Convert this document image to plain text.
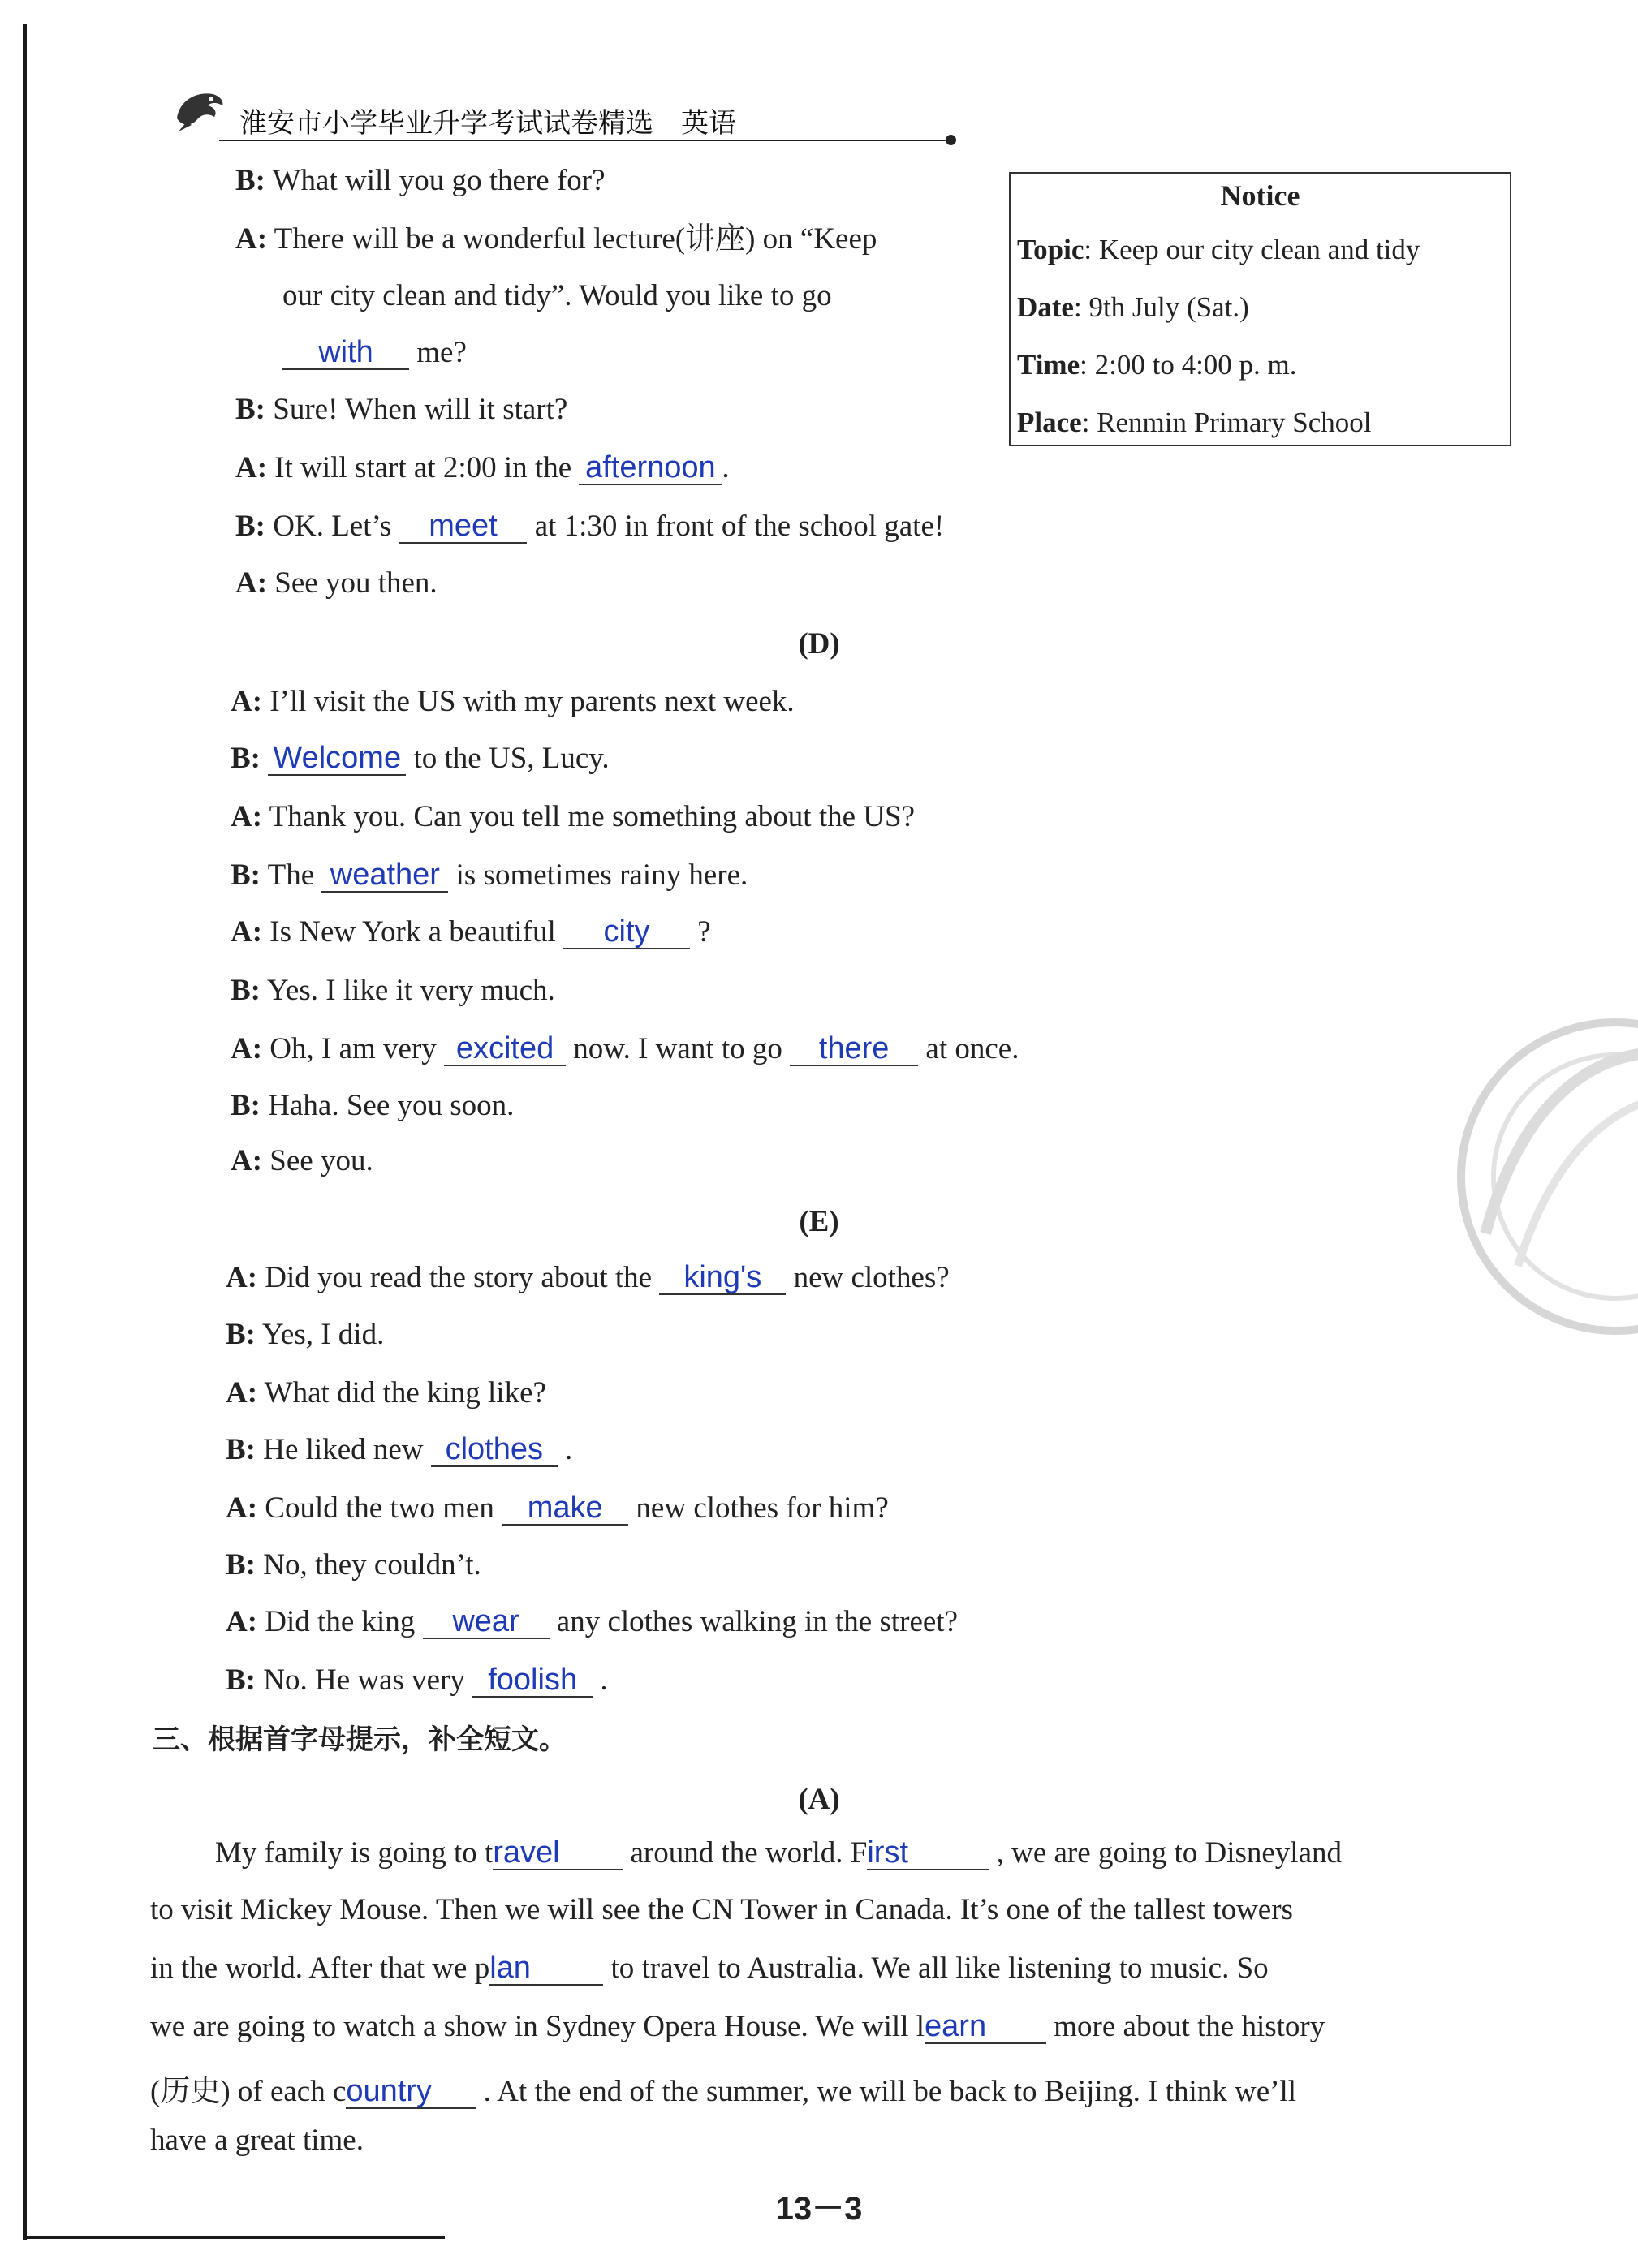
淮安市小学毕业升学考试试卷精选　英语
Notice
Topic: Keep our city clean and tidy
Date: 9th July (Sat.)
Time: 2:00 to 4:00 p. m.
Place: Renmin Primary School
B: What will you go there for?
A: There will be a wonderful lecture(讲座) on “Keep
our city clean and tidy”. Would you like to go
with me?
B: Sure! When will it start?
A: It will start at 2:00 in the afternoon .
B: OK. Let’s meet at 1:30 in front of the school gate!
A: See you then.
(D)
A: I’ll visit the US with my parents next week.
B: Welcome to the US, Lucy.
A: Thank you. Can you tell me something about the US?
B: The weather is sometimes rainy here.
A: Is New York a beautiful city ?
B: Yes. I like it very much.
A: Oh, I am very excited now. I want to go there at once.
B: Haha. See you soon.
A: See you.
(E)
A: Did you read the story about the king's new clothes?
B: Yes, I did.
A: What did the king like?
B: He liked new clothes .
A: Could the two men make new clothes for him?
B: No, they couldn’t.
A: Did the king wear any clothes walking in the street?
B: No. He was very foolish .
三、根据首字母提示，补全短文。
(A)
My family is going to travel around the world. First	, we are going to Disneyland
to visit Mickey Mouse. Then we will see the CN Tower in Canada. It’s one of the tallest towers
in the world. After that we plan to travel to Australia. We all like listening to music. So
we are going to watch a show in Sydney Opera House. We will learn more about the history
(历史) of each country . At the end of the summer, we will be back to Beijing. I think we’ll
have a great time.
13－3
